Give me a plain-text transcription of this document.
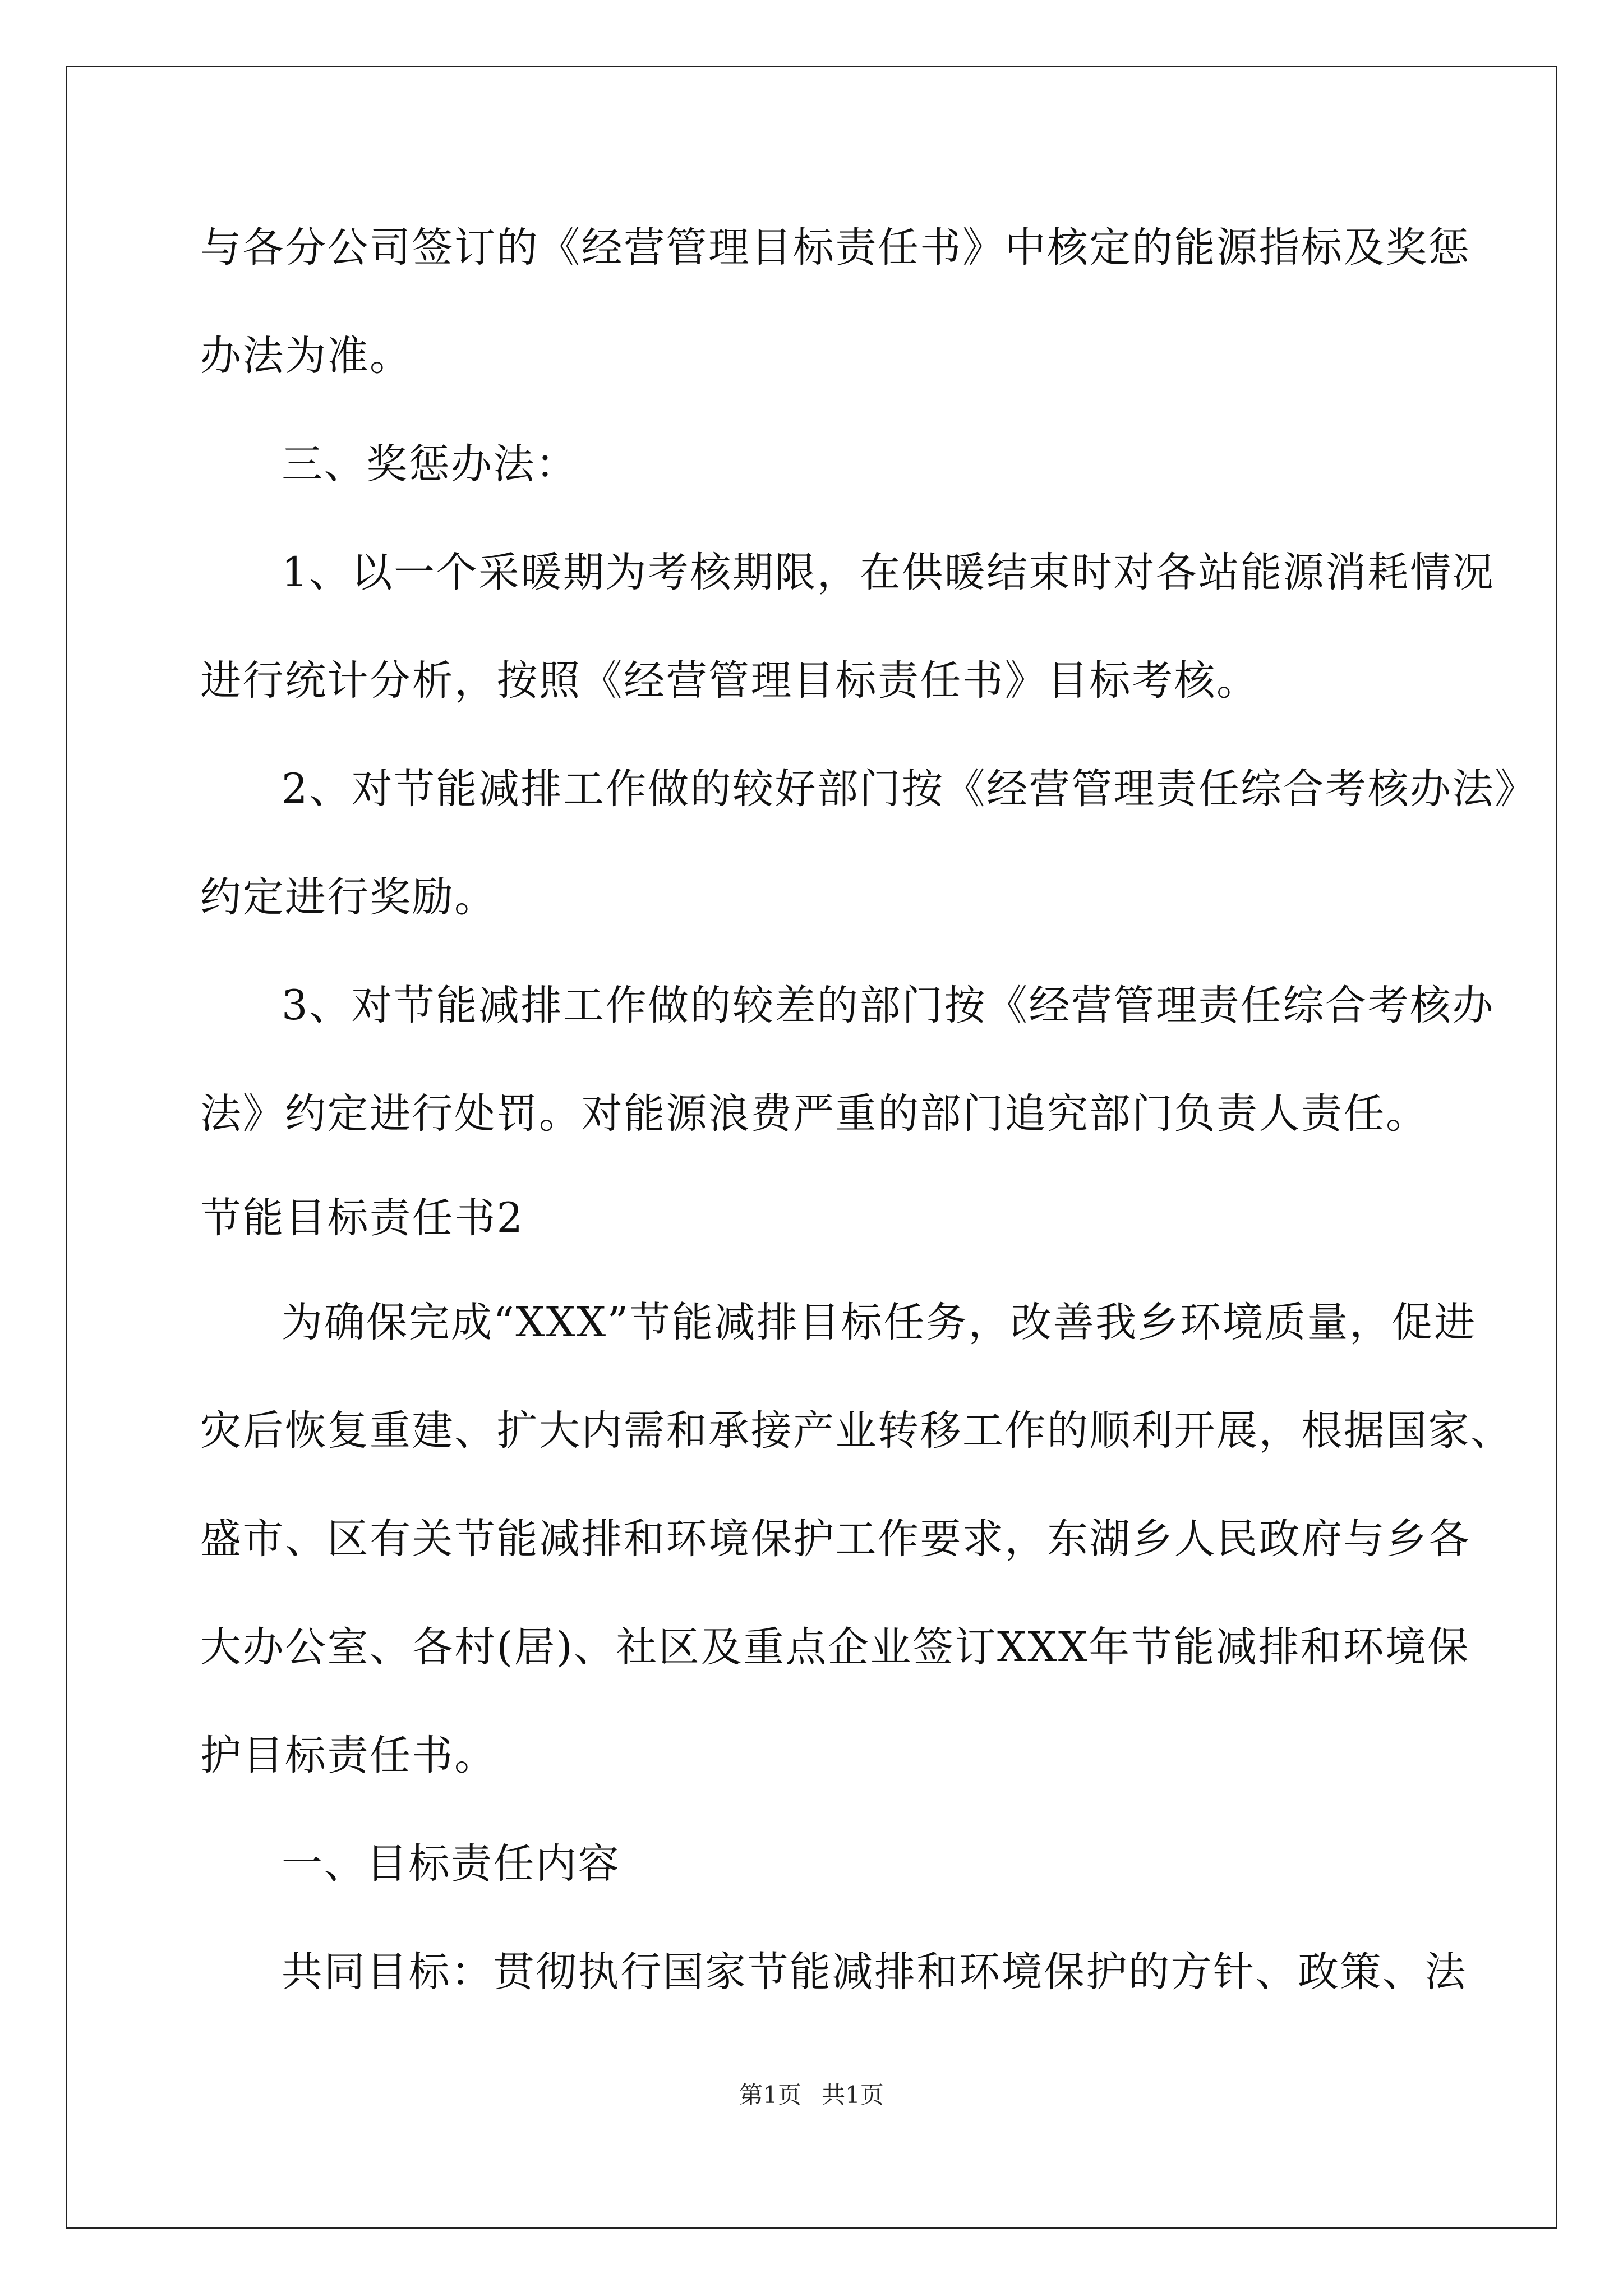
与各分公司签订的《经营管理目标责任书》中核定的能源指标及奖惩
办法为准。
三、奖惩办法：
1、以一个采暖期为考核期限，在供暖结束时对各站能源消耗情况
进行统计分析，按照《经营管理目标责任书》目标考核。
2、对节能减排工作做的较好部门按《经营管理责任综合考核办法》
约定进行奖励。
3、对节能减排工作做的较差的部门按《经营管理责任综合考核办
法》约定进行处罚。对能源浪费严重的部门追究部门负责人责任。
节能目标责任书2
为确保完成“XXX”节能减排目标任务，改善我乡环境质量，促进
灾后恢复重建、扩大内需和承接产业转移工作的顺利开展，根据国家、
盛市、区有关节能减排和环境保护工作要求，东湖乡人民政府与乡各
大办公室、各村(居)、社区及重点企业签订XXX年节能减排和环境保
护目标责任书。
一、目标责任内容
共同目标：贯彻执行国家节能减排和环境保护的方针、政策、法
第1页 共1页
